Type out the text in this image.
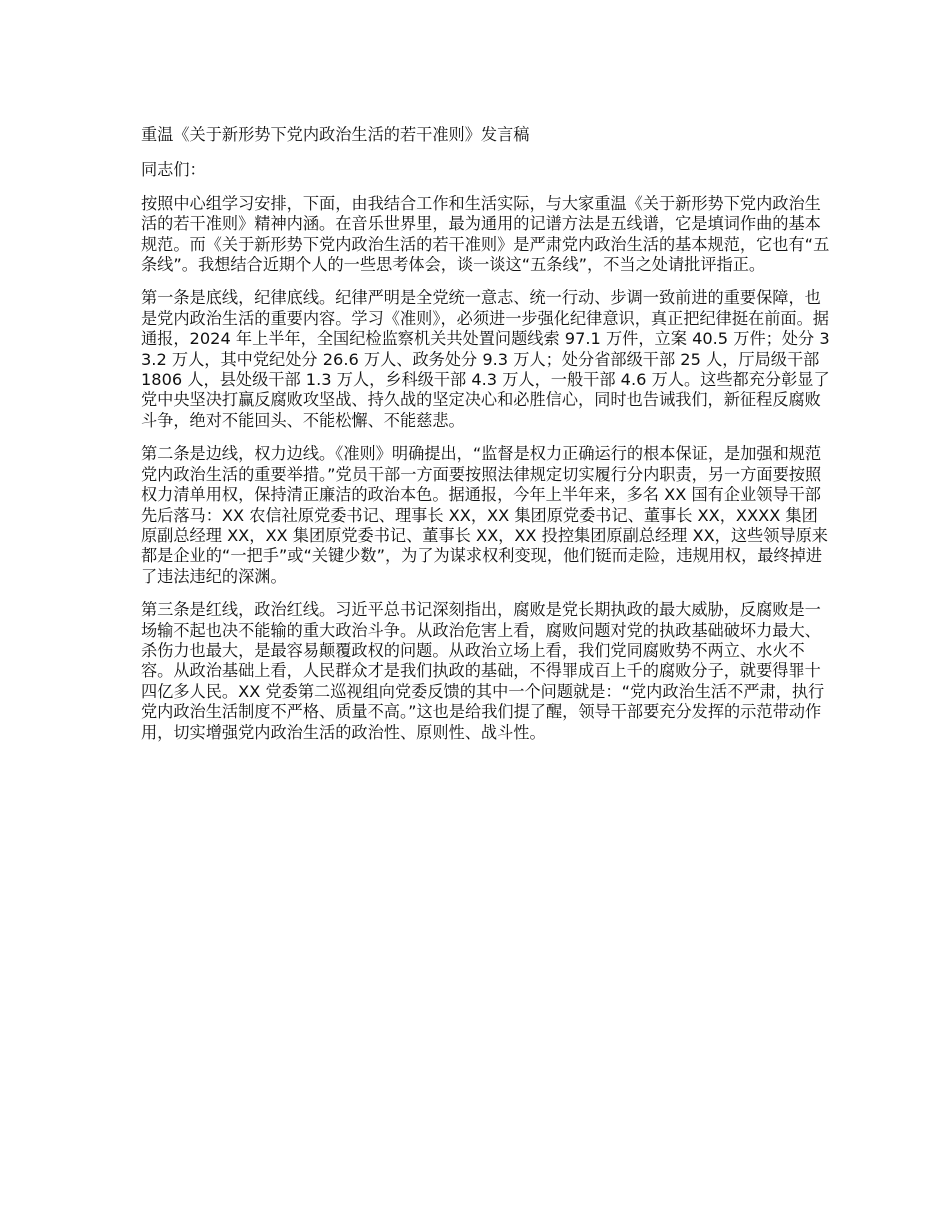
重温《关于新形势下党内政治生活的若干准则》发言稿
同志们：
按照中心组学习安排，下面，由我结合工作和生活实际，与大家重温《关于新形势下党内政治生活的若干准则》精神内涵。在音乐世界里，最为通用的记谱方法是五线谱，它是填词作曲的基本规范。而《关于新形势下党内政治生活的若干准则》是严肃党内政治生活的基本规范，它也有“五条线”。我想结合近期个人的一些思考体会，谈一谈这“五条线”，不当之处请批评指正。
第一条是底线，纪律底线。纪律严明是全党统一意志、统一行动、步调一致前进的重要保障，也是党内政治生活的重要内容。学习《准则》，必须进一步强化纪律意识，真正把纪律挺在前面。据通报，2024 年上半年，全国纪检监察机关共处置问题线索 97.1 万件，立案 40.5 万件；处分 33.2 万人，其中党纪处分 26.6 万人、政务处分 9.3 万人；处分省部级干部 25 人，厅局级干部 1806 人，县处级干部 1.3 万人，乡科级干部 4.3 万人，一般干部 4.6 万人。这些都充分彰显了党中央坚决打赢反腐败攻坚战、持久战的坚定决心和必胜信心，同时也告诫我们，新征程反腐败斗争，绝对不能回头、不能松懈、不能慈悲。
第二条是边线，权力边线。《准则》明确提出，“监督是权力正确运行的根本保证，是加强和规范党内政治生活的重要举措。”党员干部一方面要按照法律规定切实履行分内职责，另一方面要按照权力清单用权，保持清正廉洁的政治本色。据通报，今年上半年来，多名 XX 国有企业领导干部先后落马：XX 农信社原党委书记、理事长 XX，XX 集团原党委书记、董事长 XX，XXXX 集团原副总经理 XX，XX 集团原党委书记、董事长 XX，XX 投控集团原副总经理 XX，这些领导原来都是企业的“一把手”或“关键少数”，为了为谋求权利变现，他们铤而走险，违规用权，最终掉进了违法违纪的深渊。
第三条是红线，政治红线。习近平总书记深刻指出，腐败是党长期执政的最大威胁，反腐败是一场输不起也决不能输的重大政治斗争。从政治危害上看，腐败问题对党的执政基础破坏力最大、杀伤力也最大，是最容易颠覆政权的问题。从政治立场上看，我们党同腐败势不两立、水火不容。从政治基础上看，人民群众才是我们执政的基础，不得罪成百上千的腐败分子，就要得罪十四亿多人民。XX 党委第二巡视组向党委反馈的其中一个问题就是：“党内政治生活不严肃，执行党内政治生活制度不严格、质量不高。”这也是给我们提了醒，领导干部要充分发挥的示范带动作用，切实增强党内政治生活的政治性、原则性、战斗性。
